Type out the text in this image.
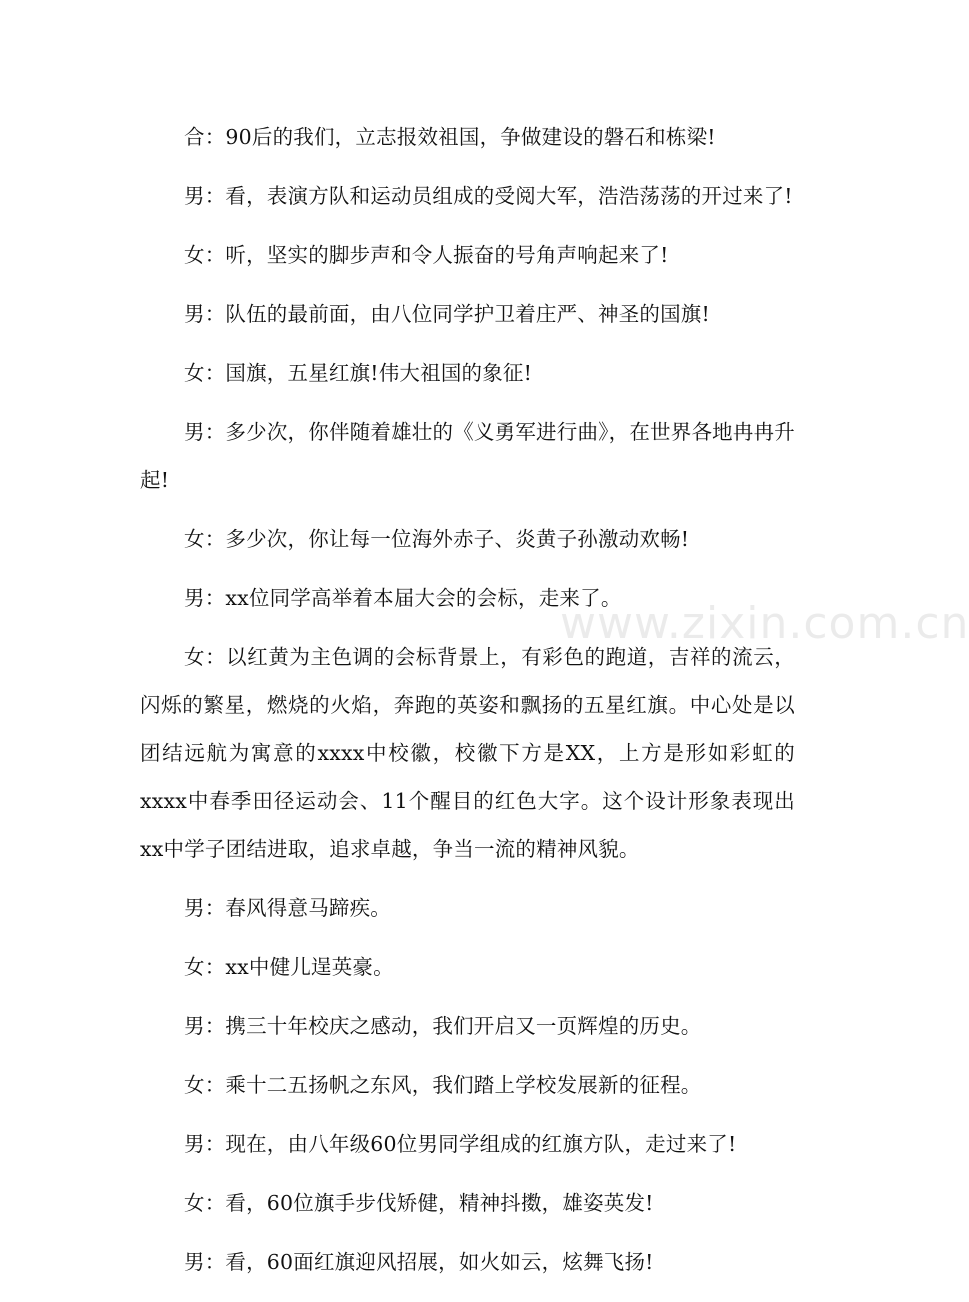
合：90后的我们，立志报效祖国，争做建设的磐石和栋梁!

男：看，表演方队和运动员组成的受阅大军，浩浩荡荡的开过来了!

女：听，坚实的脚步声和令人振奋的号角声响起来了!

男：队伍的最前面，由八位同学护卫着庄严、神圣的国旗!

女：国旗，五星红旗!伟大祖国的象征!

男：多少次，你伴随着雄壮的《义勇军进行曲》，在世界各地冉冉升起!

女：多少次，你让每一位海外赤子、炎黄子孙激动欢畅!

男：xx位同学高举着本届大会的会标，走来了。

女：以红黄为主色调的会标背景上，有彩色的跑道，吉祥的流云，闪烁的繁星，燃烧的火焰，奔跑的英姿和飘扬的五星红旗。中心处是以团结远航为寓意的xxxx中校徽，校徽下方是XX，上方是形如彩虹的xxxx中春季田径运动会、11个醒目的红色大字。这个设计形象表现出xx中学子团结进取，追求卓越，争当一流的精神风貌。

男：春风得意马蹄疾。

女：xx中健儿逞英豪。

男：携三十年校庆之感动，我们开启又一页辉煌的历史。

女：乘十二五扬帆之东风，我们踏上学校发展新的征程。

男：现在，由八年级60位男同学组成的红旗方队，走过来了!

女：看，60位旗手步伐矫健，精神抖擞，雄姿英发!

男：看，60面红旗迎风招展，如火如云，炫舞飞扬!

www.zixin.com.cn
